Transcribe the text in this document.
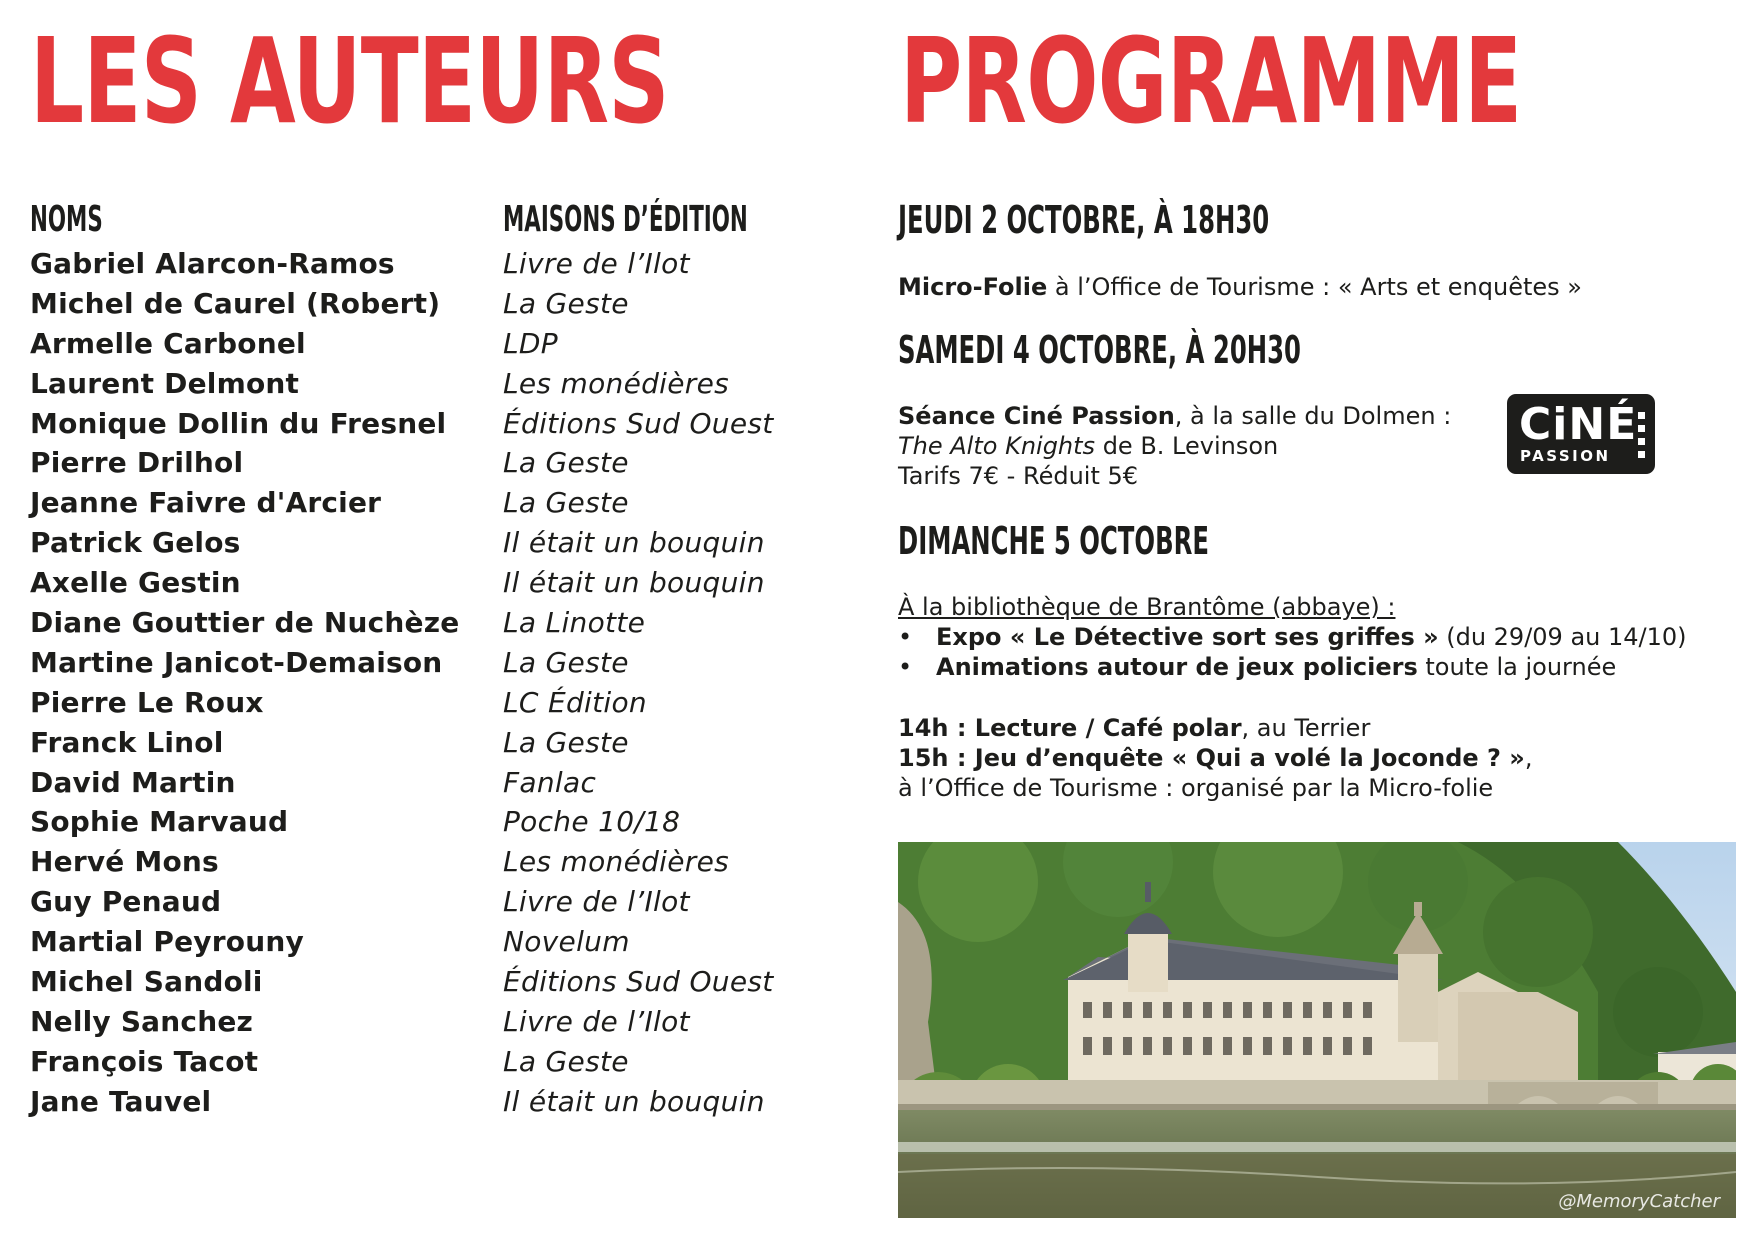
LES AUTEURS PROGRAMME
NOMS	MAISONS D’ÉDITION
Gabriel Alarcon-Ramos
Michel de Caurel (Robert)
Armelle Carbonel
Laurent Delmont
Monique Dollin du Fresnel
Pierre Drilhol
Jeanne Faivre d'Arcier
Patrick Gelos
Axelle Gestin
Diane Gouttier de Nuchèze
Martine Janicot-Demaison
Pierre Le Roux
Franck Linol
David Martin
Sophie Marvaud
Hervé Mons
Guy Penaud
Martial Peyrouny
Michel Sandoli
Nelly Sanchez
François Tacot
Jane Tauvel
Livre de l’Ilot
La Geste
LDP
Les monédières
Éditions Sud Ouest
La Geste
La Geste
Il était un bouquin
Il était un bouquin
La Linotte
La Geste
LC Édition
La Geste
Fanlac
Poche 10/18
Les monédières
Livre de l’Ilot
Novelum
Éditions Sud Ouest
Livre de l’Ilot
La Geste
Il était un bouquin
JEUDI 2 OCTOBRE, À 18H30
Micro-Folie à l’Office de Tourisme : « Arts et enquêtes »
SAMEDI 4 OCTOBRE, À 20H30
Séance Ciné Passion, à la salle du Dolmen :
The Alto Knights de B. Levinson
Tarifs 7€ - Réduit 5€

CiNÉ

PASSION

DIMANCHE 5 OCTOBRE
À la bibliothèque de Brantôme (abbaye) :
• Expo « Le Détective sort ses griffes » (du 29/09 au 14/10)
• Animations autour de jeux policiers toute la journée
14h : Lecture / Café polar, au Terrier
15h : Jeu d’enquête « Qui a volé la Joconde ? »,
à l’Office de Tourisme : organisé par la Micro-folie

@MemoryCatcher
